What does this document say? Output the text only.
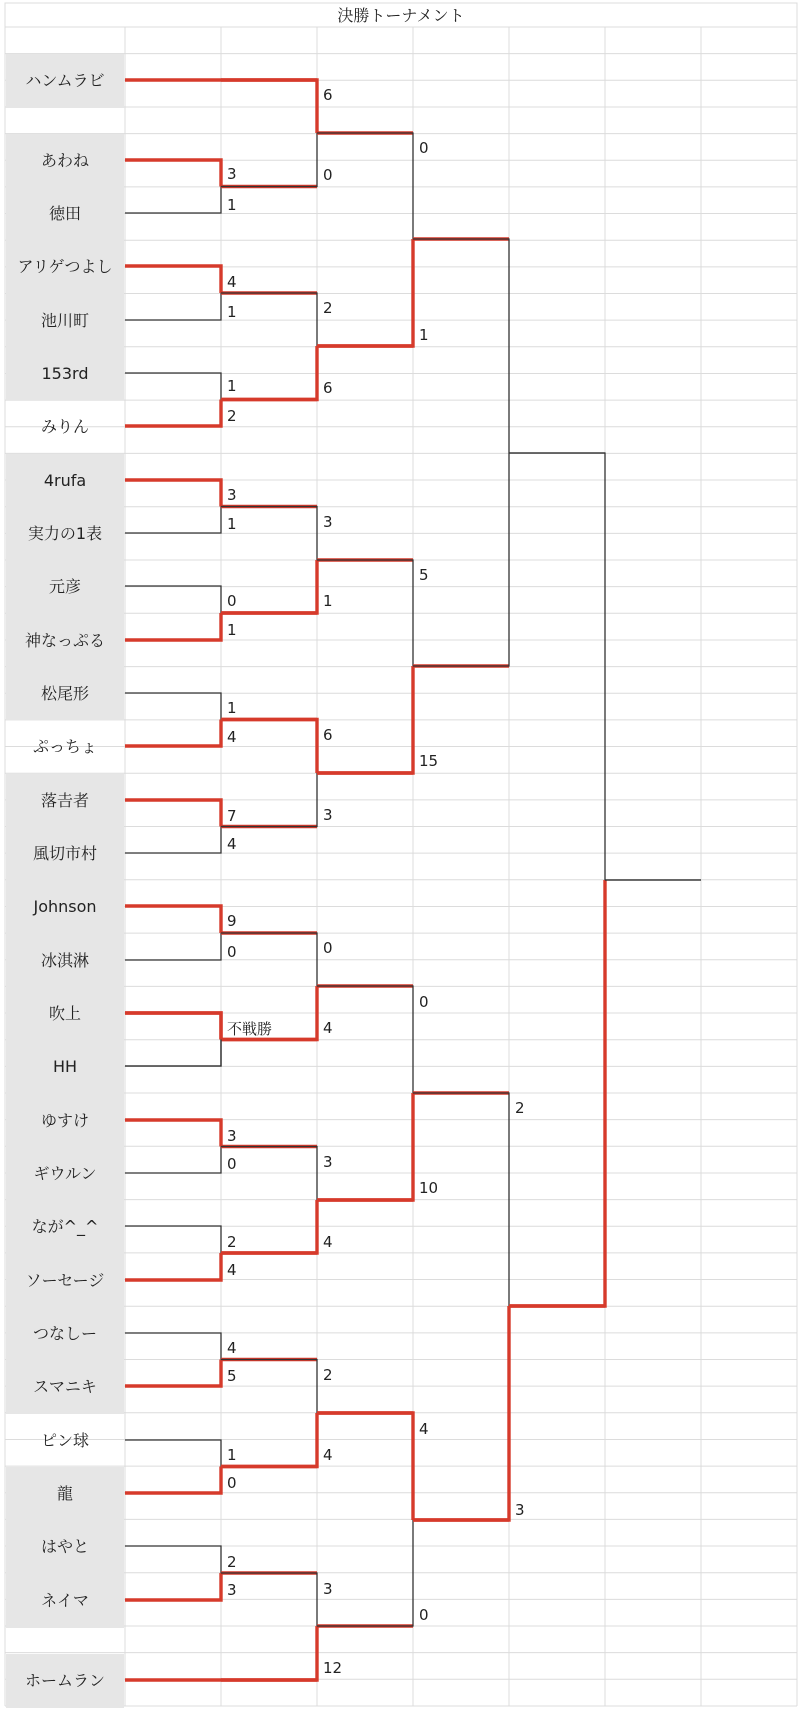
決勝トーナメント
ハンムラビ
あわね
徳田
アリゲつよし
池川町
153rd
みりん
4rufa
実力の1表
元彦
神なっぷる
松尾形
ぷっちょ
落𠮷者
風切市村
Johnson
冰淇淋
吹上
HH
ゆすけ
ギウルン
なが^_^
ソーセージ
つなしー
スマニキ
ピン球
龍
はやと
ネイマ
ホームラン
3
1
4
1
1
2
3
1
0
1
1
4
7
4
9
0
不戦勝
3
0
2
4
4
5
1
0
2
3
6
0
2
6
3
1
6
3
0
4
3
4
2
4
3
12
0
1
5
15
0
10
4
0
2
3
